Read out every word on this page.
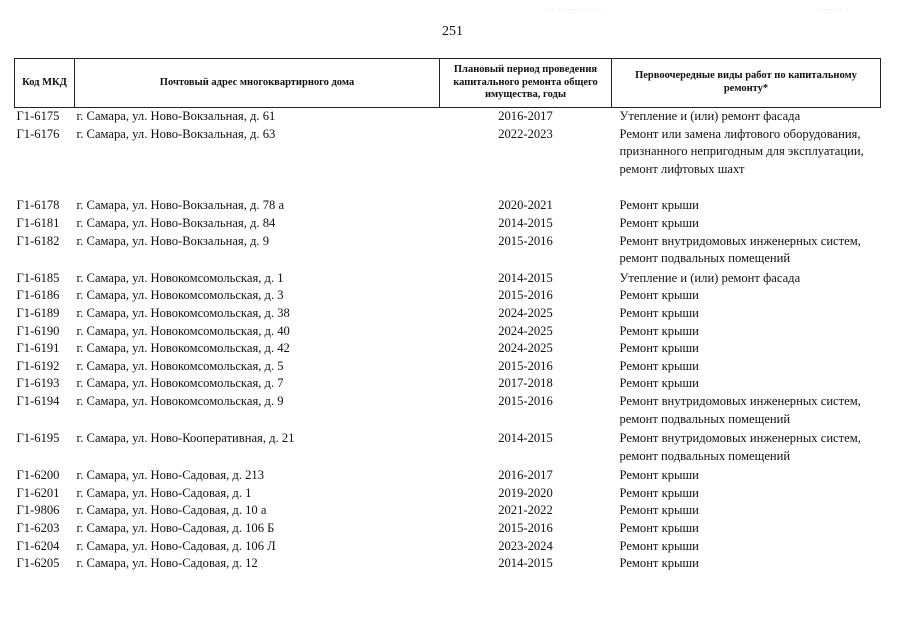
251
·· ·········· ·· ·	······· ·
Код МКД	Почтовый адрес многоквартирного дома	Плановый период проведения капитального ремонта общего имущества, годы	Первоочередные виды работ по капитальному ремонту*
Г1-6175	г. Самара, ул. Ново-Вокзальная, д. 61	2016-2017	Утепление и (или) ремонт фасада

Г1-6176	г. Самара, ул. Ново-Вокзальная, д. 63	2022-2023	Ремонт или замена лифтового оборудования,
признанного непригодным для эксплуатации,
ремонт лифтовых шахт

Г1-6178	г. Самара, ул. Ново-Вокзальная, д. 78 а	2020-2021	Ремонт крыши

Г1-6181	г. Самара, ул. Ново-Вокзальная, д. 84	2014-2015	Ремонт крыши

Г1-6182	г. Самара, ул. Ново-Вокзальная, д. 9	2015-2016	Ремонт внутридомовых инженерных систем,
ремонт подвальных помещений

Г1-6185	г. Самара, ул. Новокомсомольская, д. 1	2014-2015	Утепление и (или) ремонт фасада

Г1-6186	г. Самара, ул. Новокомсомольская, д. 3	2015-2016	Ремонт крыши

Г1-6189	г. Самара, ул. Новокомсомольская, д. 38	2024-2025	Ремонт крыши

Г1-6190	г. Самара, ул. Новокомсомольская, д. 40	2024-2025	Ремонт крыши

Г1-6191	г. Самара, ул. Новокомсомольская, д. 42	2024-2025	Ремонт крыши

Г1-6192	г. Самара, ул. Новокомсомольская, д. 5	2015-2016	Ремонт крыши

Г1-6193	г. Самара, ул. Новокомсомольская, д. 7	2017-2018	Ремонт крыши

Г1-6194	г. Самара, ул. Новокомсомольская, д. 9	2015-2016	Ремонт внутридомовых инженерных систем,
ремонт подвальных помещений

Г1-6195	г. Самара, ул. Ново-Кооперативная, д. 21	2014-2015	Ремонт внутридомовых инженерных систем,
ремонт подвальных помещений

Г1-6200	г. Самара, ул. Ново-Садовая, д. 213	2016-2017	Ремонт крыши

Г1-6201	г. Самара, ул. Ново-Садовая, д. 1	2019-2020	Ремонт крыши

Г1-9806	г. Самара, ул. Ново-Садовая, д. 10 а	2021-2022	Ремонт крыши

Г1-6203	г. Самара, ул. Ново-Садовая, д. 106 Б	2015-2016	Ремонт крыши

Г1-6204	г. Самара, ул. Ново-Садовая, д. 106 Л	2023-2024	Ремонт крыши

Г1-6205	г. Самара, ул. Ново-Садовая, д. 12	2014-2015	Ремонт крыши
